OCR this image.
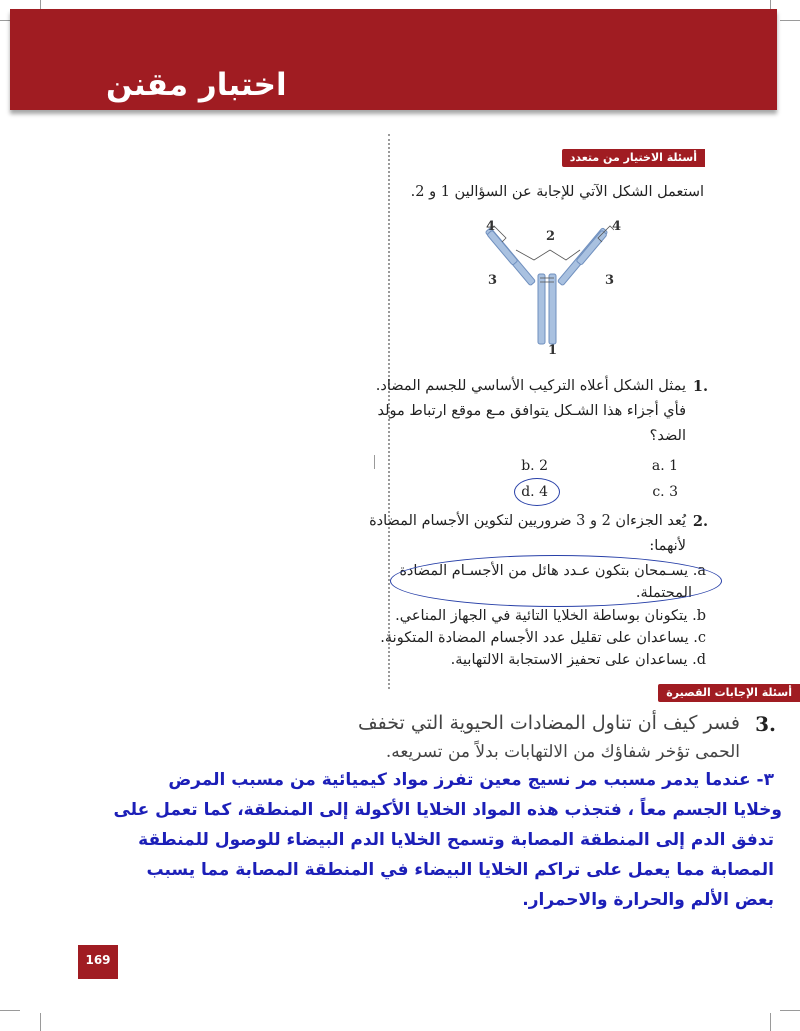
اختبار مقنن
أسئلة الاختيار من متعدد
استعمل الشكل الآتي للإجابة عن السؤالين 1 و 2.
4	4
2
3	3
1
1.
يمثل الشكل أعلاه التركيب الأساسي للجسم المضاد.
فأي أجزاء هذا الشـكل يتوافق مـع موقع ارتباط مولد
الضد؟
a. 1
b. 2
c. 3
d. 4
2.
يُعد الجزءان 2 و 3 ضروريين لتكوين الأجسام المضادة
لأنهما:
a. يسـمحان بتكون عـدد هائل من الأجسـام المضادة
المحتملة.
b. يتكونان بوساطة الخلايا التائية في الجهاز المناعي.
c. يساعدان على تقليل عدد الأجسام المضادة المتكونة.
d. يساعدان على تحفيز الاستجابة الالتهابية.
أسئلة الإجابات القصيرة
3.
فسر كيف أن تناول المضادات الحيوية التي تخفف
الحمى تؤخر شفاؤك من الالتهابات بدلاً من تسريعه.
٣- عندما يدمر مسبب مر نسيج معين تفرز مواد كيميائية من مسبب المرض
وخلايا الجسم معاً ، فتجذب هذه المواد الخلايا الأكولة إلى المنطقة، كما تعمل على
تدفق الدم إلى المنطقة المصابة وتسمح الخلايا الدم البيضاء للوصول للمنطقة
المصابة مما يعمل على تراكم الخلايا البيضاء في المنطقة المصابة مما يسبب
بعض الألم والحرارة والاحمرار.
169
